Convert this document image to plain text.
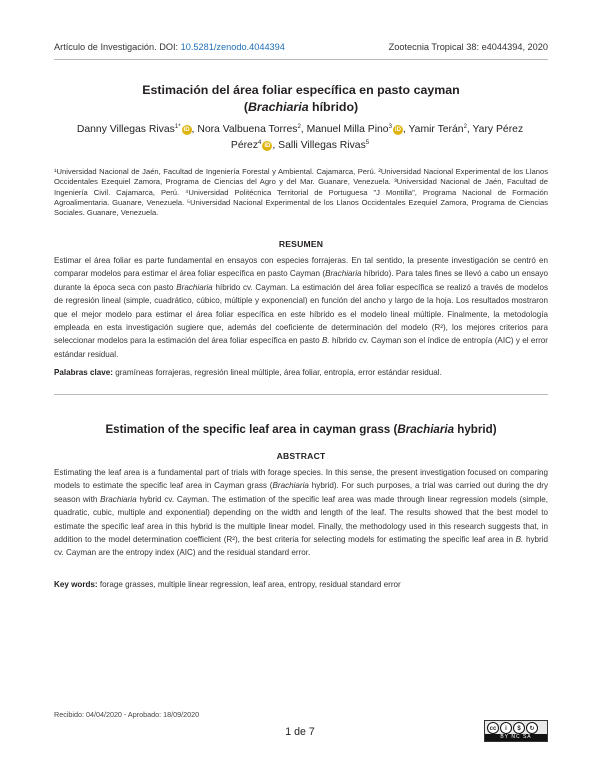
Artículo de Investigación. DOI: 10.5281/zenodo.4044394	Zootecnia Tropical 38: e4044394, 2020
Estimación del área foliar específica en pasto cayman
(Brachiaria híbrido)
Danny Villegas Rivas$^{1*}$ iD , Nora Valbuena Torres$^2$, Manuel Milla Pino$^3$ iD , Yamir Terán$^2$, Yary Pérez Pérez$^4$ iD , Salli Villegas Rivas$^5$
¹Universidad Nacional de Jaén, Facultad de Ingeniería Forestal y Ambiental. Cajamarca, Perú. ²Universidad Nacional Experimental de los Llanos Occidentales Ezequiel Zamora, Programa de Ciencias del Agro y del Mar. Guanare, Venezuela. ³Universidad Nacional de Jaén, Facultad de Ingeniería Civil. Cajamarca, Perú. ⁴Universidad Politécnica Territorial de Portuguesa "J Montilla", Programa Nacional de Formación Agroalimentaria. Guanare, Venezuela. ⁵Universidad Nacional Experimental de los Llanos Occidentales Ezequiel Zamora, Programa de Ciencias Sociales. Guanare, Venezuela.
RESUMEN
Estimar el área foliar es parte fundamental en ensayos con especies forrajeras. En tal sentido, la presente investigación se centró en comparar modelos para estimar el área foliar específica en pasto Cayman (Brachiaria híbrido). Para tales fines se llevó a cabo un ensayo durante la época seca con pasto Brachiaria híbrido cv. Cayman. La estimación del área foliar específica se realizó a través de modelos de regresión lineal (simple, cuadrático, cúbico, múltiple y exponencial) en función del ancho y largo de la hoja. Los resultados mostraron que el mejor modelo para estimar el área foliar específica en este híbrido es el modelo lineal múltiple. Finalmente, la metodología empleada en esta investigación sugiere que, además del coeficiente de determinación del modelo (R²), los mejores criterios para seleccionar modelos para la estimación del área foliar específica en pasto B. híbrido cv. Cayman son el índice de entropía (AIC) y el error estándar residual.
Palabras clave: gramíneas forrajeras, regresión lineal múltiple, área foliar, entropía, error estándar residual.
Estimation of the specific leaf area in cayman grass (Brachiaria hybrid)
ABSTRACT
Estimating the leaf area is a fundamental part of trials with forage species. In this sense, the present investigation focused on comparing models to estimate the specific leaf area in Cayman grass (Brachiaria hybrid). For such purposes, a trial was carried out during the dry season with Brachiaria hybrid cv. Cayman. The estimation of the specific leaf area was made through linear regression models (simple, quadratic, cubic, multiple and exponential) depending on the width and length of the leaf. The results showed that the best model to estimate the specific leaf area in this hybrid is the multiple linear model. Finally, the methodology used in this research suggests that, in addition to the model determination coefficient (R²), the best criteria for selecting models for estimating the specific leaf area in B. hybrid cv. Cayman are the entropy index (AIC) and the residual standard error.
Key words: forage grasses, multiple linear regression, leaf area, entropy, residual standard error
Recibido: 04/04/2020 - Aprobado: 18/09/2020
1 de 7	cc	i	$	↻
BY NC SA
